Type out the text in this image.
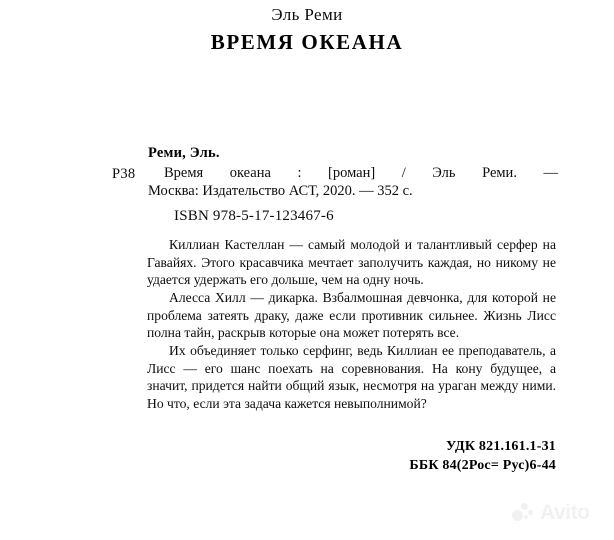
Эль Реми
ВРЕМЯ ОКЕАНА
Реми, Эль.
Р38	Время океана : [роман] / Эль Реми. —
Москва: Издательство АСТ, 2020. — 352 с.
ISBN 978-5-17-123467-6

Киллиан Кастеллан — самый молодой и талантливый серфер на Гавайях. Этого красавчика мечтает заполучить каждая, но никому не удается удержать его дольше, чем на одну ночь.

Алесса Хилл — дикарка. Взбалмошная девчонка, для которой не проблема затеять драку, даже если противник сильнее. Жизнь Лисс полна тайн, раскрыв которые она может потерять все.

Их объединяет только серфинг, ведь Киллиан ее преподаватель, а Лисс — его шанс поехать на соревнования. На кону будущее, а значит, придется найти общий язык, несмотря на ураган между ними. Но что, если эта задача кажется невыполнимой?

УДК 821.161.1-31
ББК 84(2Рос= Рус)6-44
Avito
